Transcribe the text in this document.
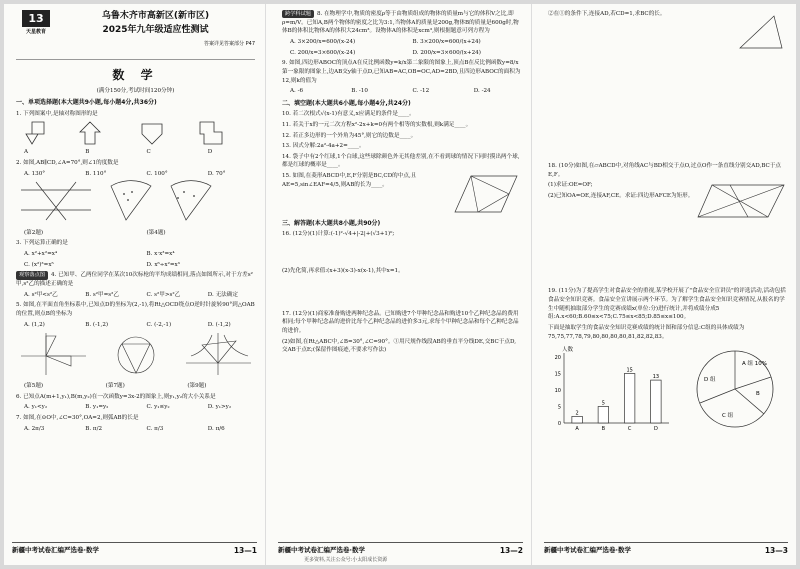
13
天星教育
乌鲁木齐市高新区(新市区)
2025年九年级适应性测试
答案详见答案部分 P47
数 学
(满分150分,考试时间120分钟)
一、单项选择题(本大题共9小题,每小题4分,共36分)
1. 下列图案中,是轴对称图形的是
A	B	C	D
2. 如图,AB∥CD,∠A=70°,则∠1的度数是
A. 130°	B. 110°	C. 100°	D. 70°
(第2题)	(第4题)
3. 下列运算正确的是
A. x²+x²=x⁴	B. x·x³=x⁴
C. (x²)³=x⁵	D. x⁶÷x²=x³
观察落点图 4. 已知甲、乙两位同学在某次10次标枪的平均成绩相同,落点如图所示,对于方差s²甲,s²乙的描述正确的是
A. s²甲<s²乙	B. s²甲=s²乙	C. s²甲>s²乙	D. 无法确定
5. 如图,在平面直角坐标系中,已知点D的坐标为(2,-1),将Rt△OCD绕点O逆时针旋转90°到△OAB的位置,则点B的坐标为
A. (1,2)	B. (-1,2)	C. (-2,-1)	D. (-1,2)
(第5题)	(第7题)	(第9题)
6. 已知点A(m+1,y₁),B(m,y₂)在一次函数y=3x-2的图象上,则y₁,y₂的大小关系是
A. y₁<y₂	B. y₁=y₂	C. y₁≤y₂	D. y₁>y₂
7. 如图,在⊙O中,∠C=30°,OA=2,则弧AB的长是
A. 2π/3	B. π/2	C. π/3	D. π/6
新疆中考试卷汇编严选卷·数学	13—1
跨学科试题 8. 在物理学中,物质的密度ρ等于由物质组成的物体的质量m与它的体积V之比,即ρ=m/V。已知A,B两个物体的密度之比为3:1,当物体A的质量是200g,物体B的质量是600g时,物体B的体积比物体A的体积大24cm³。设物体A的体积是xcm³,则根据题意可列方程为
A. 3×200/x=600/(x-24)	B. 3×200/x=600/(x+24)
C. 200/x=3×600/(x-24)	D. 200/x=3×600/(x+24)
9. 如图,四边形ABOC的顶点A在反比例函数y=k/x第二象限的图象上,顶点B在反比例函数y=8/x第一象限的图象上,边AB交y轴于点D,已知AB=AC,OB=OC,AD=2BD,且四边形ABOC的面积为12,则k的值为
A. -6	B. -10	C. -12	D. -24
二、填空题(本大题共6小题,每小题4分,共24分)
10. 若二次根式√(x-1)有意义,x应满足的条件是____。
11. 若关于x的一元二次方程x²-2x+k=0有两个相等的实数根,则k满足____。
12. 若正多边形的一个外角为45°,则它的边数是____。
13. 因式分解:2a²-4a+2=____。
14. 袋子中有2个红球,1个白球,这些球除颜色外无其他差别,在不看到球的情况下同时摸出两个球,都是红球的概率是____。
15. 如图,在菱形ABCD中,E,F分别是BC,CD的中点,且AE=5,sin∠EAF=4/5,则AB的长为____。
三、解答题(本大题共8小题,共90分)
16. (12分)(1)计算:(-1)²-√4+|-2|+(√3+1)⁰;
(2)先化简,再求值:(x+3)(x-3)-x(x-1),其中x=1。
17. (12分)(1)商家准备购进两种纪念品。已知购进7个甲种纪念品和购进10个乙种纪念品的费用相同;每个甲种纪念品的进价比每个乙种纪念品的进价多3元,求每个甲种纪念品和每个乙种纪念品的进价。
(2)如图,在Rt△ABC中,∠B=30°,∠C=90°。①用尺规作线段AB的垂直平分线DE,交BC于点D,交AB于点E;(保留作图痕迹,不要求写作法)
新疆中考试卷汇编严选卷·数学	13—2
②在①的条件下,连接AD,若CD=1,求BC的长。
18. (10分)如图,在▱ABCD中,对角线AC与BD相交于点O,过点O作一条直线分别交AD,BC于点E,F。
(1)求证:OE=OF;
(2)已知OA=OE,连接AF,CE。求证:四边形AFCE为矩形。
19. (11分)为了提高学生对食品安全的重视,某学校开展了"食品安全宣讲员"的评选活动,活动包括食品安全知识竞赛。食品安全宣讲展示两个环节。为了解学生食品安全知识竞赛情况,从报名的学生中随机抽取部分学生的竞赛成绩x(单位:分)进行统计,并将成绩分成5组:A.x<60;B.60≤x<75;C.75≤x<85;D.85≤x≤100。
下面是抽取学生的食品安全知识竞赛成绩的统计图和部分信息:C组的具体成绩为75,75,77,78,79,80,80,80,80,81,82,82,83。
人数
0
5
10
15
20
2
A
5
B
15
C
13
D
A 组 10%
B
C 组
D 组
新疆中考试卷汇编严选卷·数学	13—3
更多资料,关注公众号:小太阳成长资源
